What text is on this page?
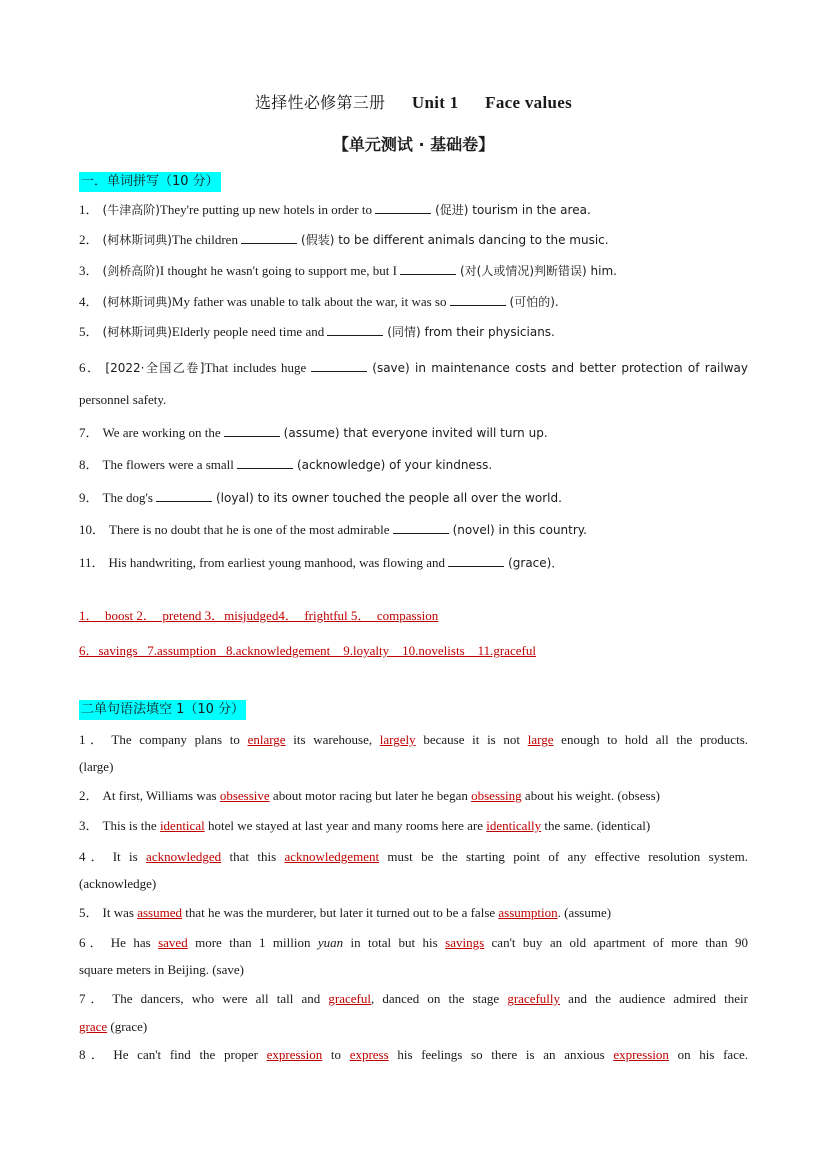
选择性必修第三册 Unit 1 Face values
【单元测试 · 基础卷】
一．单词拼写（10 分）
1． (牛津高阶)They're putting up new hotels in order to	(促进) tourism in the area.
2． (柯林斯词典)The children	(假装) to be different animals dancing to the music.
3． (剑桥高阶)I thought he wasn't going to support me, but I	(对(人或情况)判断错误) him.
4． (柯林斯词典)My father was unable to talk about the war, it was so	(可怕的).
5． (柯林斯词典)Elderly people need time and	(同情) from their physicians.
6． [2022·全国乙卷]That includes huge	(save) in maintenance costs and better protection of railway
personnel safety.
7． We are working on the	(assume) that everyone invited will turn up.
8． The flowers were a small	(acknowledge) of your kindness.
9． The dog's	(loyal) to its owner touched the people all over the world.
10． There is no doubt that he is one of the most admirable	(novel) in this country.
11． His handwriting, from earliest young manhood, was flowing and	(grace)．
1．  boost 2．  pretend 3．misjudged4．  frightful 5．  compassion
6．savings   7.assumption   8.acknowledgement    9.loyalty    10.novelists    11.graceful
二单句语法填空 1（10 分）
1． The company plans to enlarge its warehouse, largely because it is not large enough to hold all the products.
(large)
2． At first, Williams was obsessive about motor racing but later he began obsessing about his weight. (obsess)
3． This is the identical hotel we stayed at last year and many rooms here are identically the same. (identical)
4． It is acknowledged that this acknowledgement must be the starting point of any effective resolution system.
(acknowledge)
5． It was assumed that he was the murderer, but later it turned out to be a false assumption. (assume)
6． He has saved more than 1 million yuan in total but his savings can't buy an old apartment of more than 90
square meters in Beijing. (save)
7． The dancers, who were all tall and graceful, danced on the stage gracefully and the audience admired their
grace (grace)
8． He can't find the proper expression to express his feelings so there is an anxious expression on his face.
